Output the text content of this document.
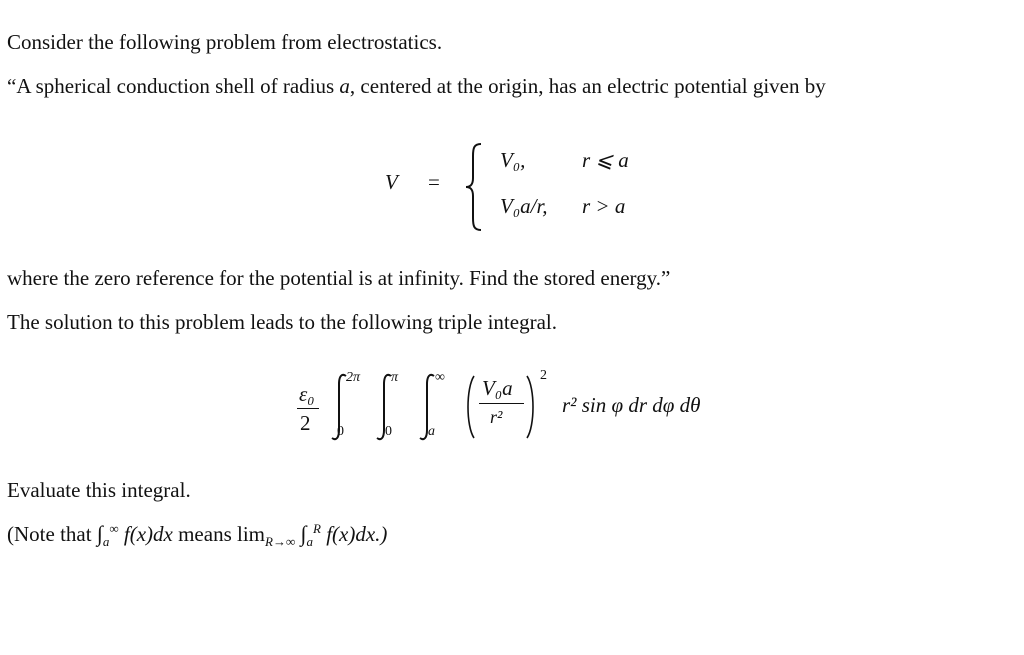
Consider the following problem from electrostatics.
“A spherical conduction shell of radius a, centered at the origin, has an electric potential given by
V =
V₀,	r ⩽ a
V₀a/r, r > a
where the zero reference for the potential is at infinity. Find the stored energy.”
The solution to this problem leads to the following triple integral.
ε₀
2
2π
0
π
0
∞
a
V₀a
r²
2
r² sin φ dr dφ dθ
Evaluate this integral.
(Note that $\int_a^\infty$ f(x)dx means $\lim_{R\to\infty} \int_a^R$ f(x)dx.)
